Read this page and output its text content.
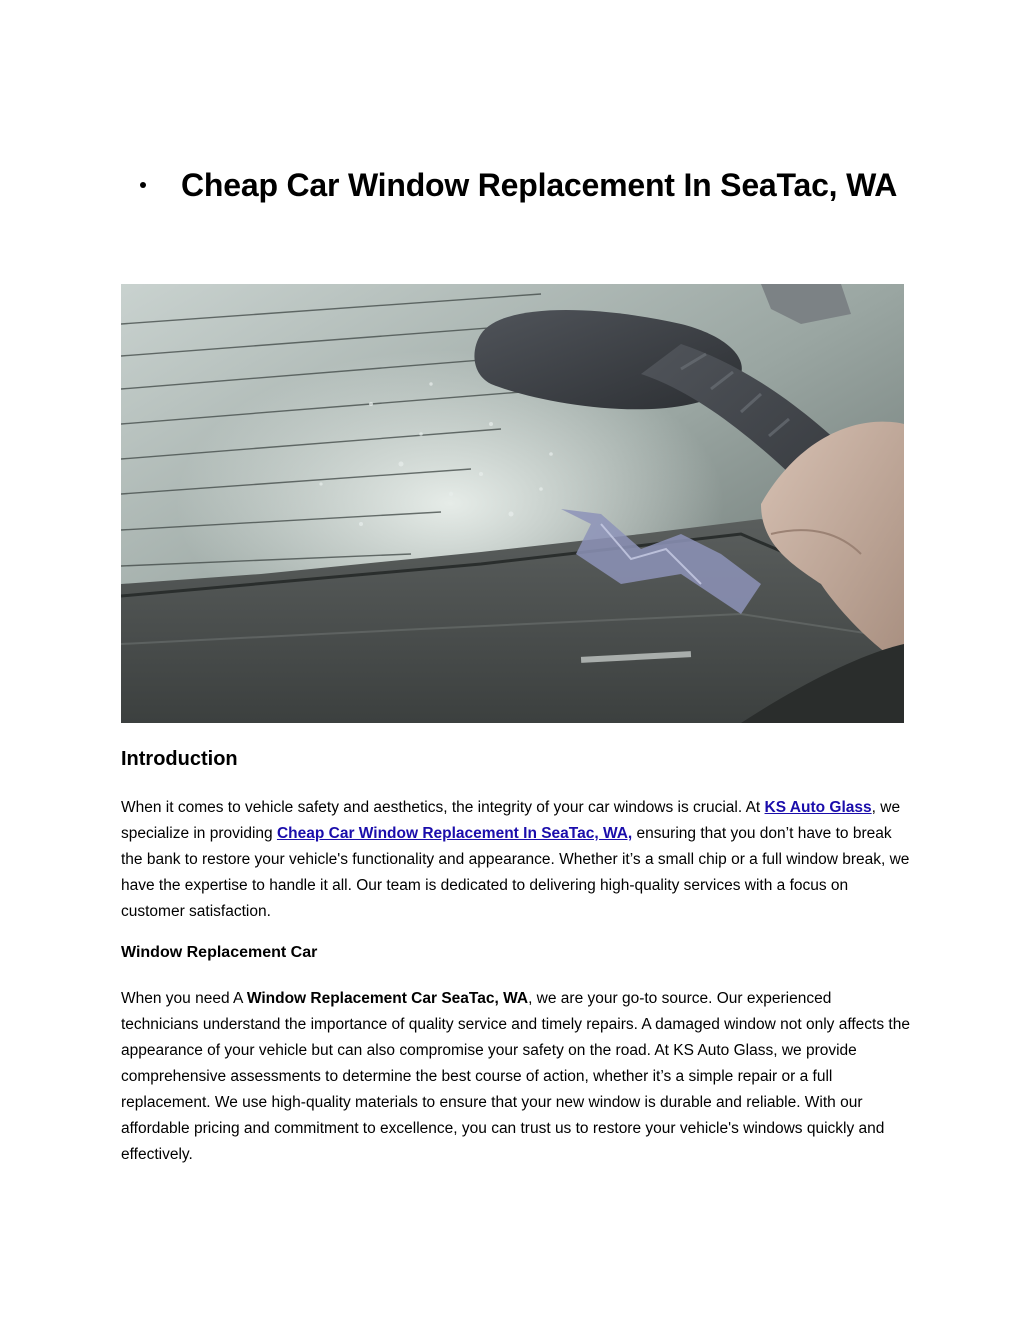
Cheap Car Window Replacement In SeaTac, WA
Introduction

When it comes to vehicle safety and aesthetics, the integrity of your car windows is crucial. At KS Auto Glass, we specialize in providing Cheap Car Window Replacement In SeaTac, WA, ensuring that you don’t have to break the bank to restore your vehicle's functionality and appearance. Whether it’s a small chip or a full window break, we have the expertise to handle it all. Our team is dedicated to delivering high-quality services with a focus on customer satisfaction.

Window Replacement Car

When you need A Window Replacement Car SeaTac, WA, we are your go-to source. Our experienced technicians understand the importance of quality service and timely repairs. A damaged window not only affects the appearance of your vehicle but can also compromise your safety on the road. At KS Auto Glass, we provide comprehensive assessments to determine the best course of action, whether it’s a simple repair or a full replacement. We use high-quality materials to ensure that your new window is durable and reliable. With our affordable pricing and commitment to excellence, you can trust us to restore your vehicle's windows quickly and effectively.
